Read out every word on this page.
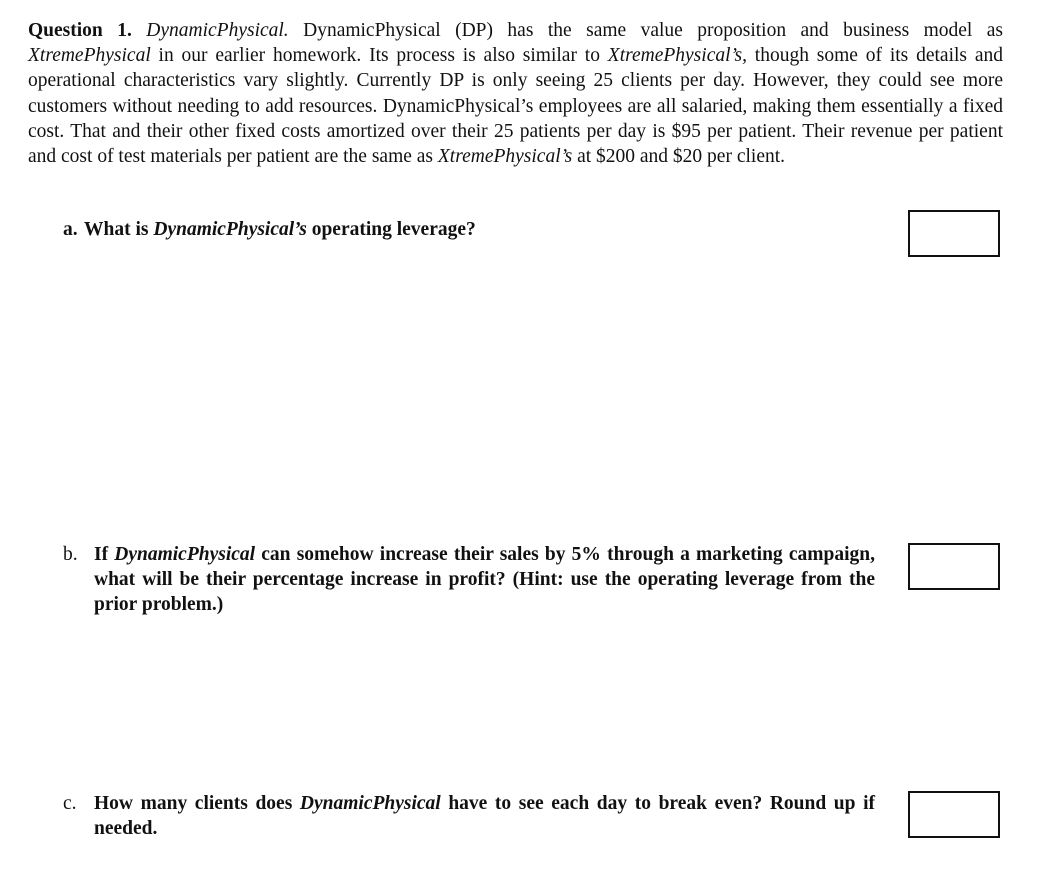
Question 1. DynamicPhysical. DynamicPhysical (DP) has the same value proposition and business model as XtremePhysical in our earlier homework. Its process is also similar to XtremePhysical’s, though some of its details and operational characteristics vary slightly. Currently DP is only seeing 25 clients per day. However, they could see more customers without needing to add resources. DynamicPhysical’s employees are all salaried, making them essentially a fixed cost. That and their other fixed costs amortized over their 25 patients per day is $95 per patient. Their revenue per patient and cost of test materials per patient are the same as XtremePhysical’s at $200 and $20 per client.

a. What is DynamicPhysical’s operating leverage?
b. If DynamicPhysical can somehow increase their sales by 5% through a marketing campaign, what will be their percentage increase in profit? (Hint: use the operating leverage from the prior problem.)
c. How many clients does DynamicPhysical have to see each day to break even? Round up if needed.
